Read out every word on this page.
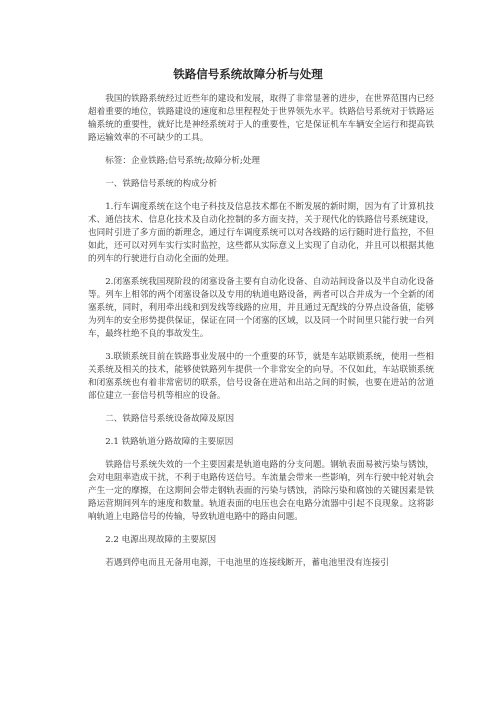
铁路信号系统故障分析与处理

我国的铁路系统经过近些年的建设和发展，取得了非常显著的进步，在世界范围内已经超着重要的地位，铁路建设的速度和总里程程处于世界领先水平。铁路信号系统对于铁路运输系统的重要性，就好比是神经系统对于人的重要性，它是保证机车车辆安全运行和提高铁路运输效率的不可缺少的工具。

标签：企业铁路;信号系统;故障分析;处理

一、铁路信号系统的构成分析

1.行车调度系统在这个电子科技及信息技术都在不断发展的新时期，因为有了计算机技术、通信技术、信息化技术及自动化控制的多方面支持，关于现代化的铁路信号系统建设，也同时引进了多方面的新理念，通过行车调度系统可以对各线路的运行随时进行监控，不但如此，还可以对列车实行实时监控，这些都从实际意义上实现了自动化，并且可以根据其他的列车的行驶进行自动化全面的处理。

2.闭塞系统我国现阶段的闭塞设备主要有自动化设备、自动站间设备以及半自动化设备等。列车上相邻的两个闭塞设备以及专用的轨道电路设备，两者可以合并成为一个全新的闭塞系统，同时，利用牵出线和到发线等线路的应用，并且通过无配线的分界点设备值，能够为列车的安全形势提供保证，保证在同一个闭塞的区域，以及同一个时间里只能行驶一台列车，最终杜绝不良的事故发生。

3.联锁系统目前在铁路事业发展中的一个重要的环节，就是车站联锁系统，使用一些相关系统及相关的技术，能够使铁路列车提供一个非常安全的向导。不仅如此，车站联锁系统和闭塞系统也有着非常密切的联系，信号设备在进站和出站之间的时候，也要在进站的岔道部位建立一套信号机等相应的设备。

二、铁路信号系统设备故障及原因

2.1 铁路轨道分路故障的主要原因

铁路信号系统失效的一个主要因素是轨道电路的分支问题。钢轨表面易被污染与锈蚀，会对电阻率造成干扰，不利于电路传送信号。车流量会带来一些影响，列车行驶中轮对轨会产生一定的摩擦，在这期间会带走钢轨表面的污染与锈蚀，消除污染和腐蚀的关键因素是铁路运营期间列车的速度和数量。轨道表面的电压也会在电路分流器中引起不良现象。这将影响轨道上电路信号的传输，导致轨道电路中的路由问题。

2.2 电源出现故障的主要原因

若遇到停电而且无备用电源，干电池里的连接线断开，蓄电池里没有连接引
